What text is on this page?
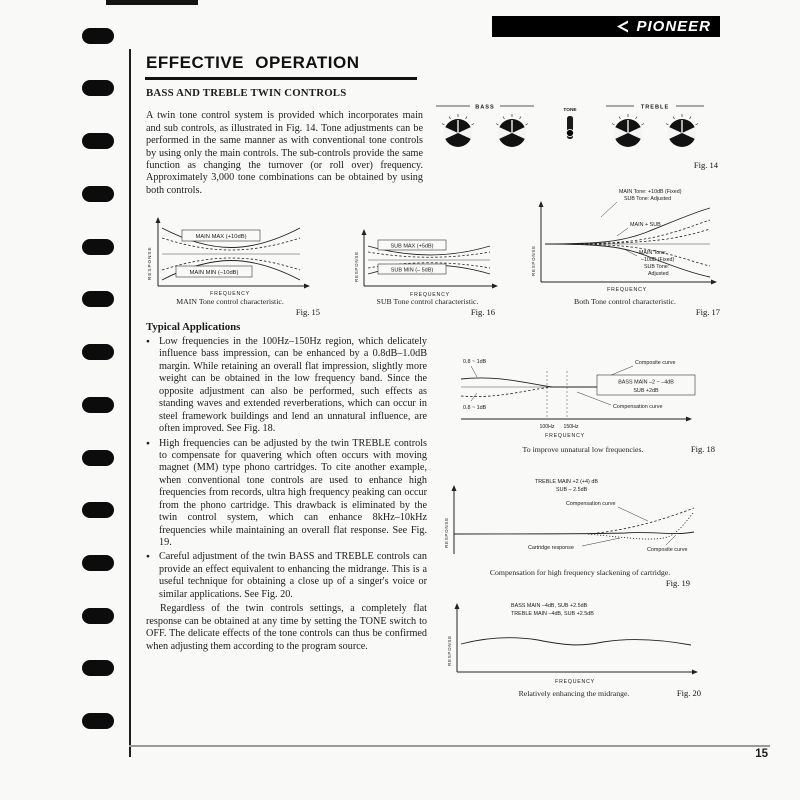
PIONEER
EFFECTIVE OPERATION
BASS AND TREBLE TWIN CONTROLS

A twin tone control system is provided which incorporates main and sub controls, as illustrated in Fig. 14. Tone adjustments can be performed in the same manner as with conventional tone controls by using only the main controls. The sub-controls provide the same function as changing the turnover (or roll over) frequency. Approximately 3,000 tone combinations can be obtained by using both controls.

BASS	TREBLE
TONE
Fig. 14
RESPONSE
FREQUENCY
MAIN MAX (+10dB)
MAIN MIN (–10dB)
MAIN Tone control characteristic.
Fig. 15
RESPONSE
FREQUENCY
SUB MAX (+5dB)
SUB MIN (– 5dB)
SUB Tone control characteristic.
Fig. 16
MAIN Tone: +10dB (Fixed)
SUB Tone: Adjusted
RESPONSE
FREQUENCY
MAIN + SUB
MAIN Tone:
–10dB (Fixed)
SUB Tone:
Adjusted
Both Tone control characteristic.
Fig. 17
Typical Applications
● Low frequencies in the 100Hz–150Hz region, which delicately influence bass impression, can be enhanced by a 0.8dB–1.0dB margin. While retaining an overall flat impression, slightly more weight can be obtained in the low frequency band. Since the opposite adjustment can also be performed, such effects as standing waves and extended reverberations, which can occur in steel framework buildings and lend an unnatural influence, are often improved. See Fig. 18.
● High frequencies can be adjusted by the twin TREBLE controls to compensate for quavering which often occurs with moving magnet (MM) type phono cartridges. To cite another example, when conventional tone controls are used to enhance high frequencies from records, ultra high frequency peaking can occur from the phono cartridge. This drawback is eliminated by the twin control system, which can enhance 8kHz–10kHz frequencies while maintaining an overall flat response. See Fig. 19.
● Careful adjustment of the twin BASS and TREBLE controls can provide an effect equivalent to enhancing the midrange. This is a useful technique for obtaining a close up of a singer's voice or similar applications. See Fig. 20.

Regardless of the twin controls settings, a completely flat response can be obtained at any time by setting the TONE switch to OFF. The delicate effects of the tone controls can thus be confirmed when adjusting them according to the program source.

0.8 ~ 1dB
0.8 ~ 1dB
100Hz 150Hz
FREQUENCY
Composite curve
BASS MAIN –2 ~ –4dB
SUB +2dB
Compensation curve
To improve unnatural low frequencies.	Fig. 18
TREBLE MAIN +2 (+4) dB
SUB – 2.5dB
RESPONSE
Compensation curve
Cartridge response	Composite curve
Compensation for high frequency slackening of cartridge.
Fig. 19
BASS MAIN –4dB, SUB +2.5dB
TREBLE MAIN –4dB, SUB +2.5dB
RESPONSE
FREQUENCY
Relatively enhancing the midrange.	Fig. 20
15
